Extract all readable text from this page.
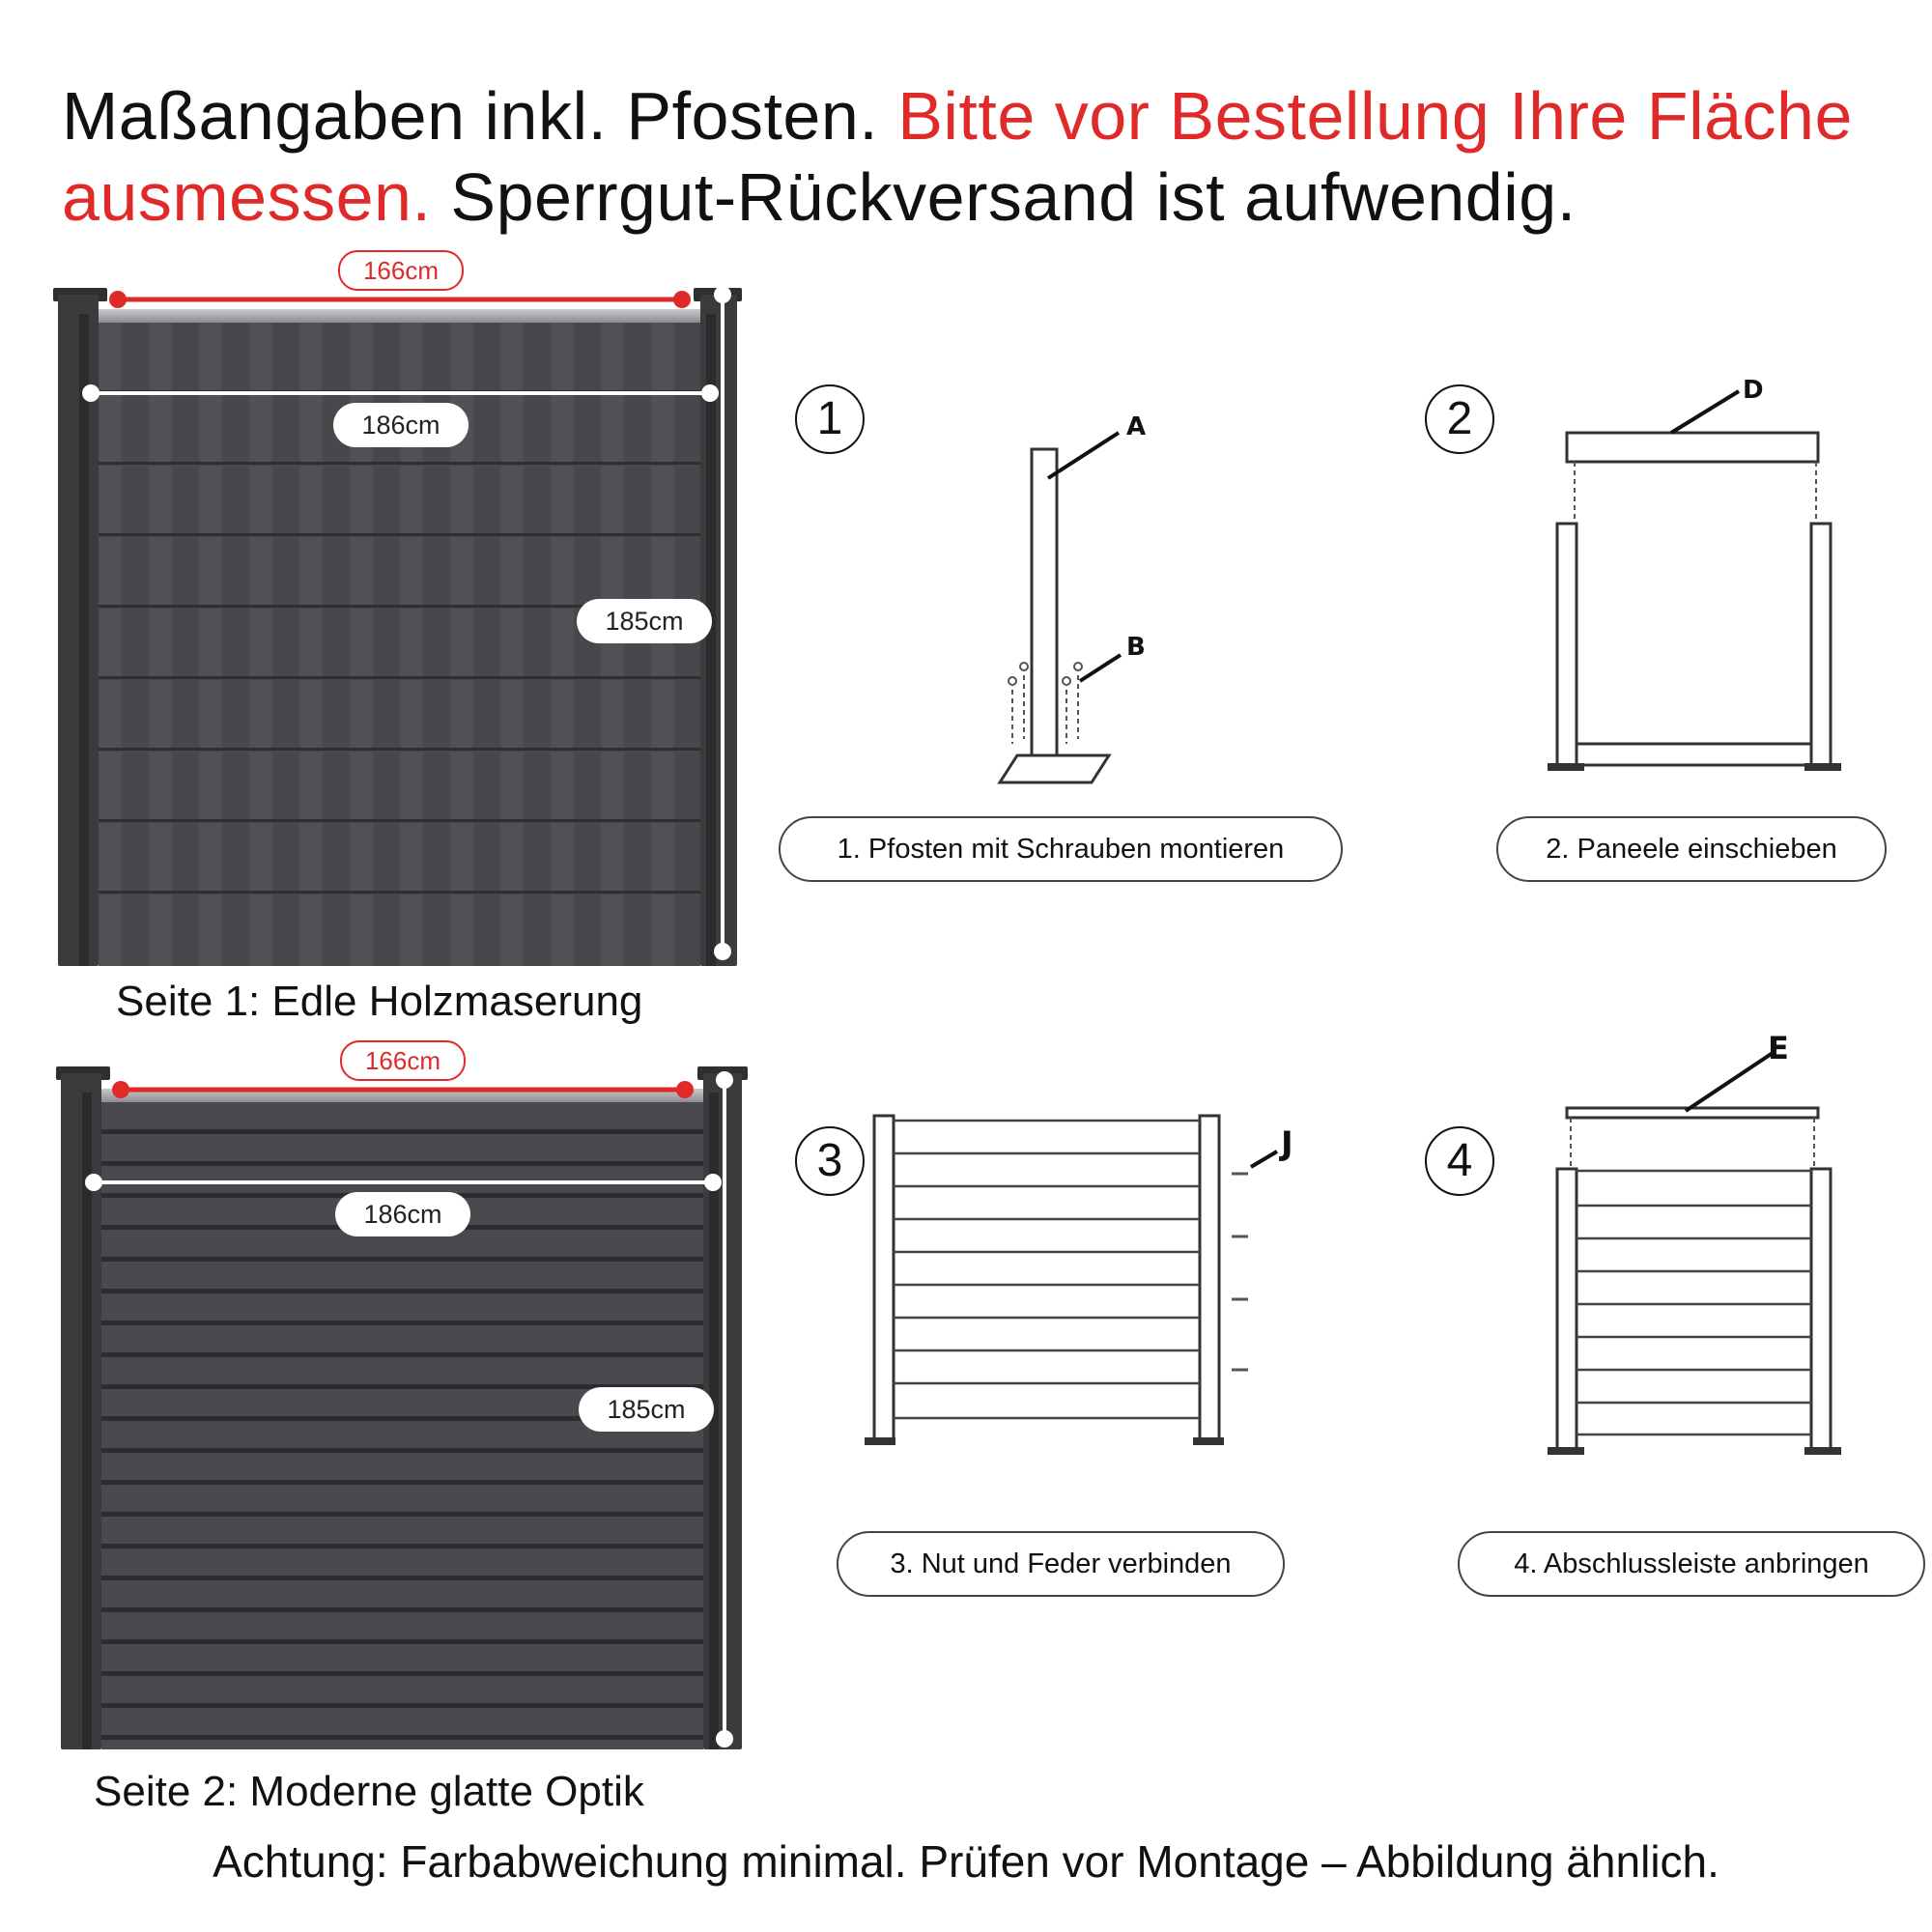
Maßangaben inkl. Pfosten. Bitte vor Bestellung Ihre Fläche ausmessen. Sperrgut-Rückversand ist aufwendig.
166cm
186cm
185cm
Seite 1: Edle Holzmaserung
166cm
186cm
185cm
Seite 2: Moderne glatte Optik
1	A
B
1. Pfosten mit Schrauben montieren
2
D
2. Paneele einschieben
3	J
3. Nut und Feder verbinden
4
E
4. Abschlussleiste anbringen
Achtung: Farbabweichung minimal. Prüfen vor Montage – Abbildung ähnlich.
